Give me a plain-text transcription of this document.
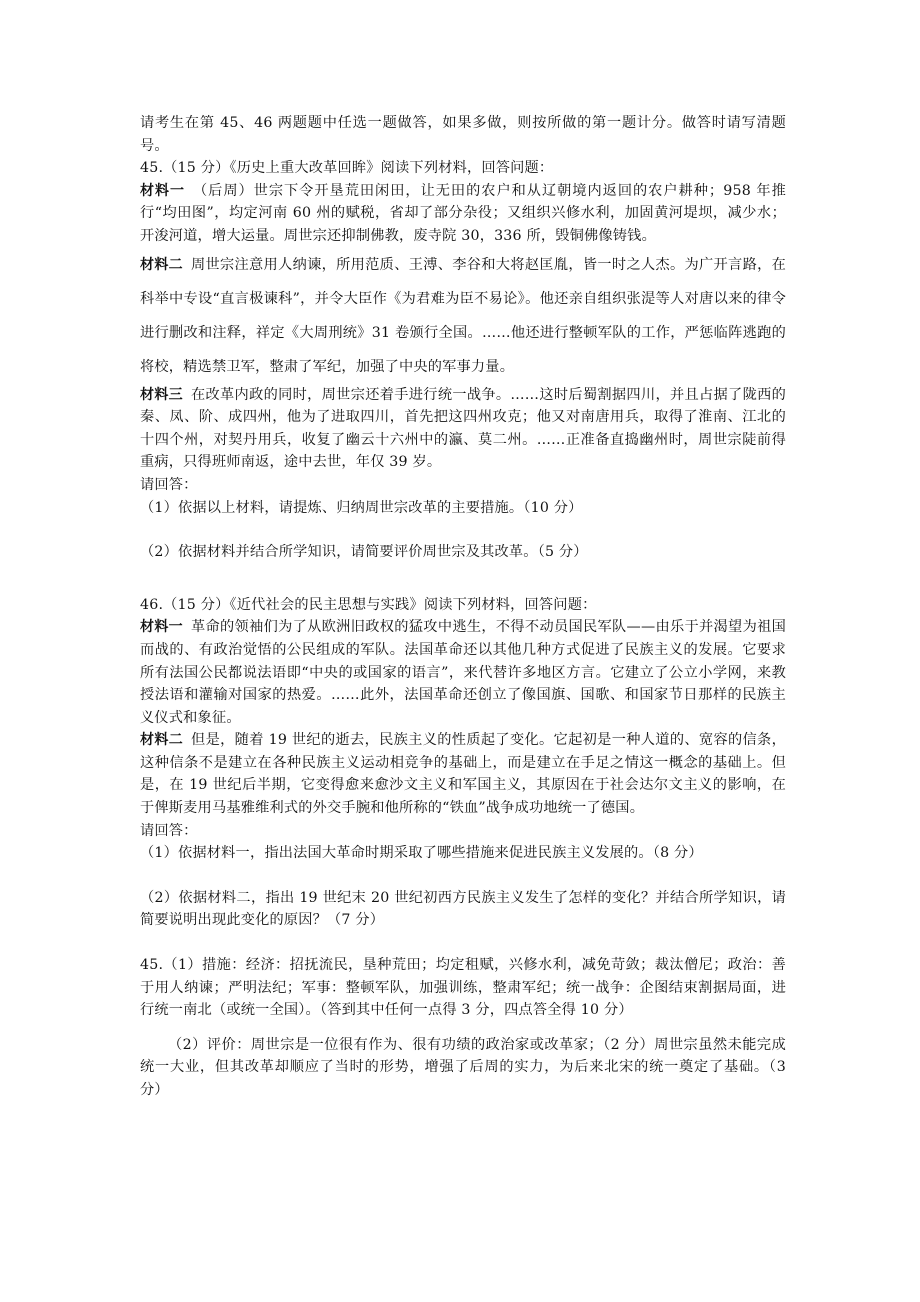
请考生在第 45、46 两题题中任选一题做答，如果多做，则按所做的第一题计分。做答时请写清题号。

45.（15 分）《历史上重大改革回眸》阅读下列材料，回答问题：

材料一 （后周）世宗下令开垦荒田闲田，让无田的农户和从辽朝境内返回的农户耕种；958 年推行“均田图”，均定河南 60 州的赋税，省却了部分杂役；又组织兴修水利，加固黄河堤坝，减少水；开浚河道，增大运量。周世宗还抑制佛教，废寺院 30，336 所，毁铜佛像铸钱。

材料二 周世宗注意用人纳谏，所用范质、王溥、李谷和大将赵匡胤，皆一时之人杰。为广开言路，在科举中专设“直言极谏科”，并令大臣作《为君难为臣不易论》。他还亲自组织张湜等人对唐以来的律令进行删改和注释，祥定《大周刑统》31 卷颁行全国。……他还进行整顿军队的工作，严惩临阵逃跑的将校，精选禁卫军，整肃了军纪，加强了中央的军事力量。

材料三 在改革内政的同时，周世宗还着手进行统一战争。……这时后蜀割据四川，并且占据了陇西的秦、凤、阶、成四州，他为了进取四川，首先把这四州攻克；他又对南唐用兵，取得了淮南、江北的十四个州，对契丹用兵，收复了幽云十六州中的瀛、莫二州。……正准备直捣幽州时，周世宗陡前得重病，只得班师南返，途中去世，年仅 39 岁。

请回答：

（1）依据以上材料，请提炼、归纳周世宗改革的主要措施。（10 分）

（2）依据材料并结合所学知识，请简要评价周世宗及其改革。（5 分）

46.（15 分）《近代社会的民主思想与实践》阅读下列材料，回答问题：

材料一 革命的领袖们为了从欧洲旧政权的猛攻中逃生，不得不动员国民军队——由乐于并渴望为祖国而战的、有政治觉悟的公民组成的军队。法国革命还以其他几种方式促进了民族主义的发展。它要求所有法国公民都说法语即“中央的或国家的语言”，来代替许多地区方言。它建立了公立小学网，来教授法语和灌输对国家的热爱。……此外，法国革命还创立了像国旗、国歌、和国家节日那样的民族主义仪式和象征。

材料二 但是，随着 19 世纪的逝去，民族主义的性质起了变化。它起初是一种人道的、宽容的信条，这种信条不是建立在各种民族主义运动相竞争的基础上，而是建立在手足之情这一概念的基础上。但是，在 19 世纪后半期，它变得愈来愈沙文主义和军国主义，其原因在于社会达尔文主义的影响，在于俾斯麦用马基雅维利式的外交手腕和他所称的“铁血”战争成功地统一了德国。

请回答：

（1）依据材料一，指出法国大革命时期采取了哪些措施来促进民族主义发展的。（8 分）

（2）依据材料二，指出 19 世纪末 20 世纪初西方民族主义发生了怎样的变化？并结合所学知识，请简要说明出现此变化的原因？（7 分）

45.（1）措施：经济：招抚流民，垦种荒田；均定租赋，兴修水利，减免苛敛；裁汰僧尼；政治：善于用人纳谏；严明法纪；军事：整顿军队，加强训练，整肃军纪；统一战争：企图结束割据局面，进行统一南北（或统一全国）。（答到其中任何一点得 3 分，四点答全得 10 分）

（2）评价：周世宗是一位很有作为、很有功绩的政治家或改革家；（2 分）周世宗虽然未能完成统一大业，但其改革却顺应了当时的形势，增强了后周的实力，为后来北宋的统一奠定了基础。（3 分）
